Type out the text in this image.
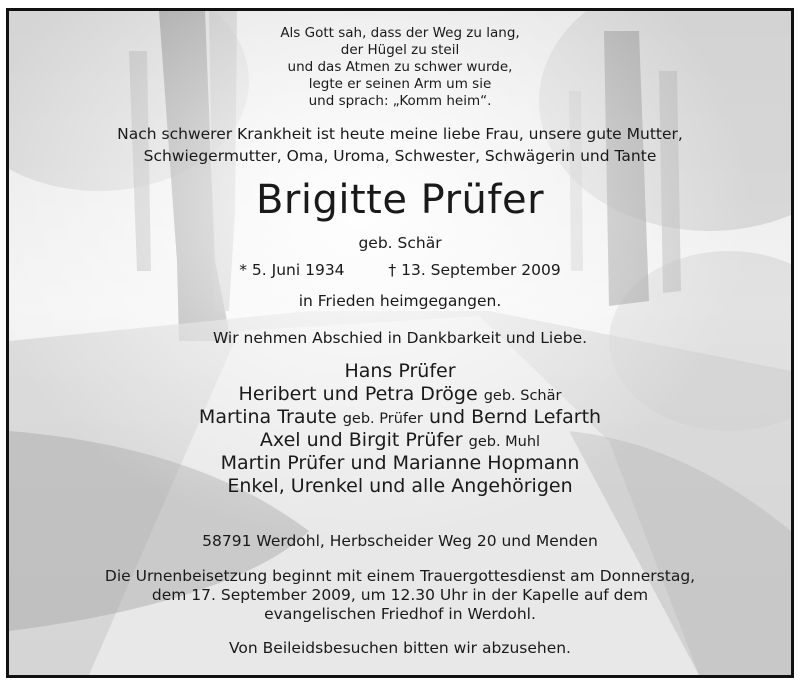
Als Gott sah, dass der Weg zu lang,
der Hügel zu steil
und das Atmen zu schwer wurde,
legte er seinen Arm um sie
und sprach: „Komm heim“.
Nach schwerer Krankheit ist heute meine liebe Frau, unsere gute Mutter,
Schwiegermutter, Oma, Uroma, Schwester, Schwägerin und Tante
Brigitte Prüfer
geb. Schär
* 5. Juni 1934	† 13. September 2009
in Frieden heimgegangen.
Wir nehmen Abschied in Dankbarkeit und Liebe.
Hans Prüfer
Heribert und Petra Dröge geb. Schär
Martina Traute geb. Prüfer und Bernd Lefarth
Axel und Birgit Prüfer geb. Muhl
Martin Prüfer und Marianne Hopmann
Enkel, Urenkel und alle Angehörigen
58791 Werdohl, Herbscheider Weg 20 und Menden
Die Urnenbeisetzung beginnt mit einem Trauergottesdienst am Donnerstag,
dem 17. September 2009, um 12.30 Uhr in der Kapelle auf dem
evangelischen Friedhof in Werdohl.
Von Beileidsbesuchen bitten wir abzusehen.
